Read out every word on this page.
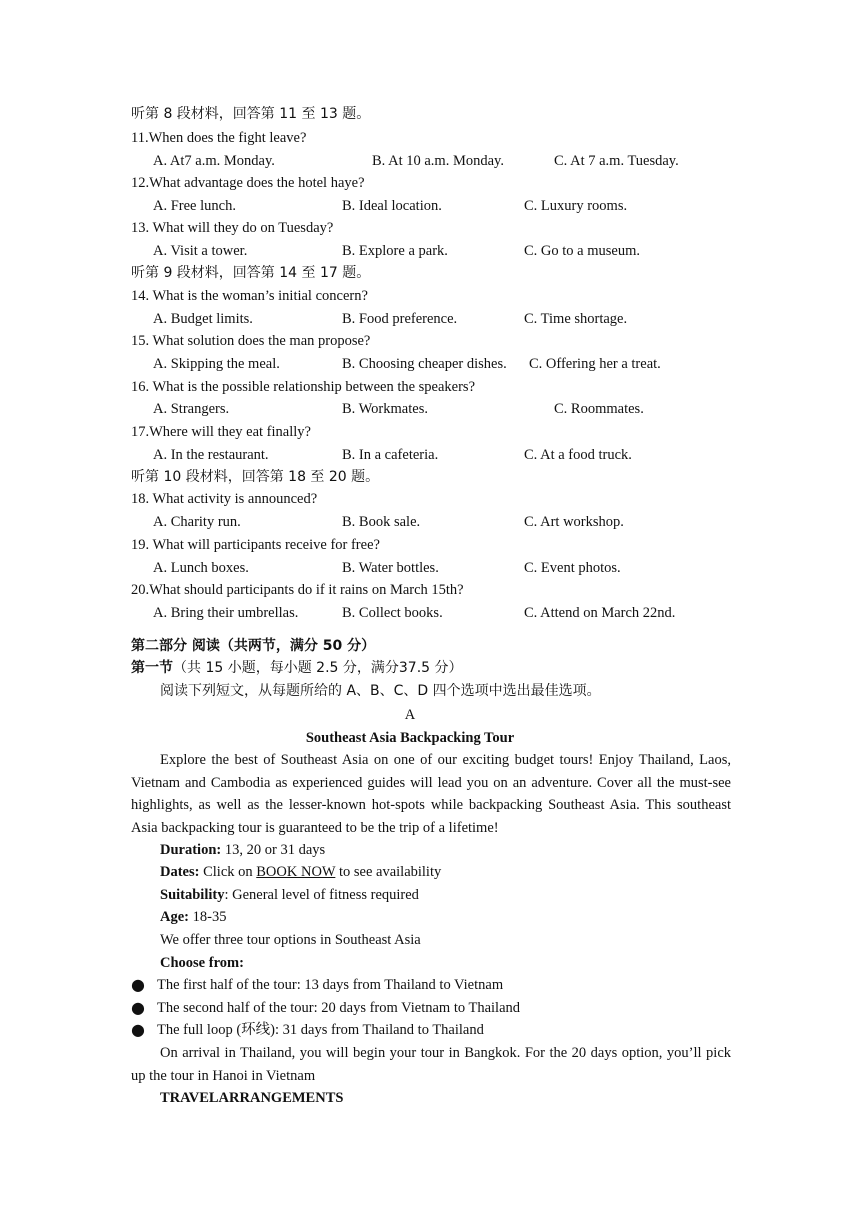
听第 8 段材料，回答第 11 至 13 题。
11.When does the fight leave?
A. At7 a.m. Monday.	B. At 10 a.m. Monday.	C. At 7 a.m. Tuesday.
12.What advantage does the hotel haye?
A. Free lunch.	B. Ideal location.	C. Luxury rooms.
13. What will they do on Tuesday?
A. Visit a tower.	B. Explore a park.	C. Go to a museum.
听第 9 段材料，回答第 14 至 17 题。
14. What is the woman’s initial concern?
A. Budget limits.	B. Food preference.	C. Time shortage.
15. What solution does the man propose?
A. Skipping the meal.	B. Choosing cheaper dishes. C. Offering her a treat.
16. What is the possible relationship between the speakers?
A. Strangers.	B. Workmates.	C. Roommates.
17.Where will they eat finally?
A. In the restaurant.	B. In a cafeteria.	C. At a food truck.
听第 10 段材料，回答第 18 至 20 题。
18. What activity is announced?
A. Charity run.	B. Book sale.	C. Art workshop.
19. What will participants receive for free?
A. Lunch boxes.	B. Water bottles.	C. Event photos.
20.What should participants do if it rains on March 15th?
A. Bring their umbrellas.	B. Collect books.	C. Attend on March 22nd.
第二部分 阅读（共两节，满分 50 分）
第一节（共 15 小题，每小题 2.5 分，满分37.5 分）
阅读下列短文，从每题所给的 A、B、C、D 四个选项中选出最佳选项。
A
Southeast Asia Backpacking Tour
Explore the best of Southeast Asia on one of our exciting budget tours! Enjoy Thailand, Laos, Vietnam and Cambodia as experienced guides will lead you on an adventure. Cover all the must-see highlights, as well as the lesser-known hot-spots while backpacking Southeast Asia. This southeast Asia backpacking tour is guaranteed to be the trip of a lifetime!
Duration: 13, 20 or 31 days
Dates: Click on BOOK NOW to see availability
Suitability: General level of fitness required
Age: 18-35
We offer three tour options in Southeast Asia
Choose from:
● The first half of the tour: 13 days from Thailand to Vietnam
● The second half of the tour: 20 days from Vietnam to Thailand
● The full loop (环线): 31 days from Thailand to Thailand
On arrival in Thailand, you will begin your tour in Bangkok. For the 20 days option, you’ll pick up the tour in Hanoi in Vietnam
TRAVELARRANGEMENTS
